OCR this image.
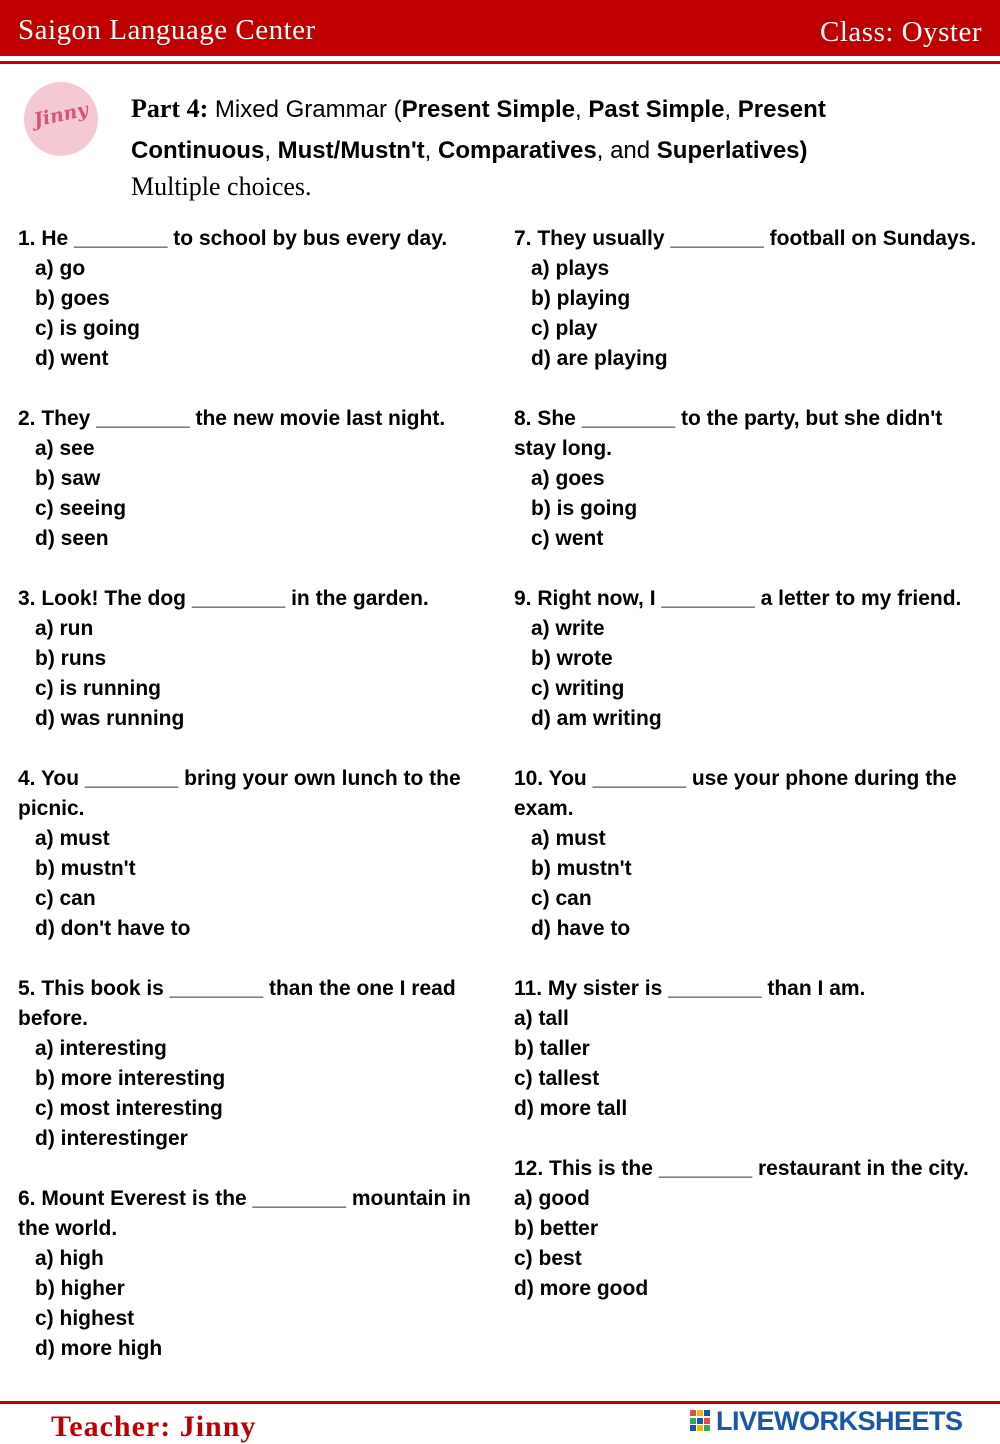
Saigon Language Center	Class: Oyster
Jinny	Part 4: Mixed Grammar (Present Simple, Past Simple, Present Continuous, Must/Mustn't, Comparatives, and Superlatives)
Multiple choices.
1. He ________ to school by bus every day.
a) go
b) goes
c) is going
d) went
2. They ________ the new movie last night.
a) see
b) saw
c) seeing
d) seen
3. Look! The dog ________ in the garden.
a) run
b) runs
c) is running
d) was running
4. You ________ bring your own lunch to the picnic.
a) must
b) mustn't
c) can
d) don't have to
5. This book is ________ than the one I read before.
a) interesting
b) more interesting
c) most interesting
d) interestinger
6. Mount Everest is the ________ mountain in the world.
a) high
b) higher
c) highest
d) more high
7. They usually ________ football on Sundays.
a) plays
b) playing
c) play
d) are playing
8. She ________ to the party, but she didn't stay long.
a) goes
b) is going
c) went
9. Right now, I ________ a letter to my friend.
a) write
b) wrote
c) writing
d) am writing
10. You ________ use your phone during the exam.
a) must
b) mustn't
c) can
d) have to
11. My sister is ________ than I am.
a) tall
b) taller
c) tallest
d) more tall
12. This is the ________ restaurant in the city.
a) good
b) better
c) best
d) more good
Teacher: Jinny	LIVEWORKSHEETS
